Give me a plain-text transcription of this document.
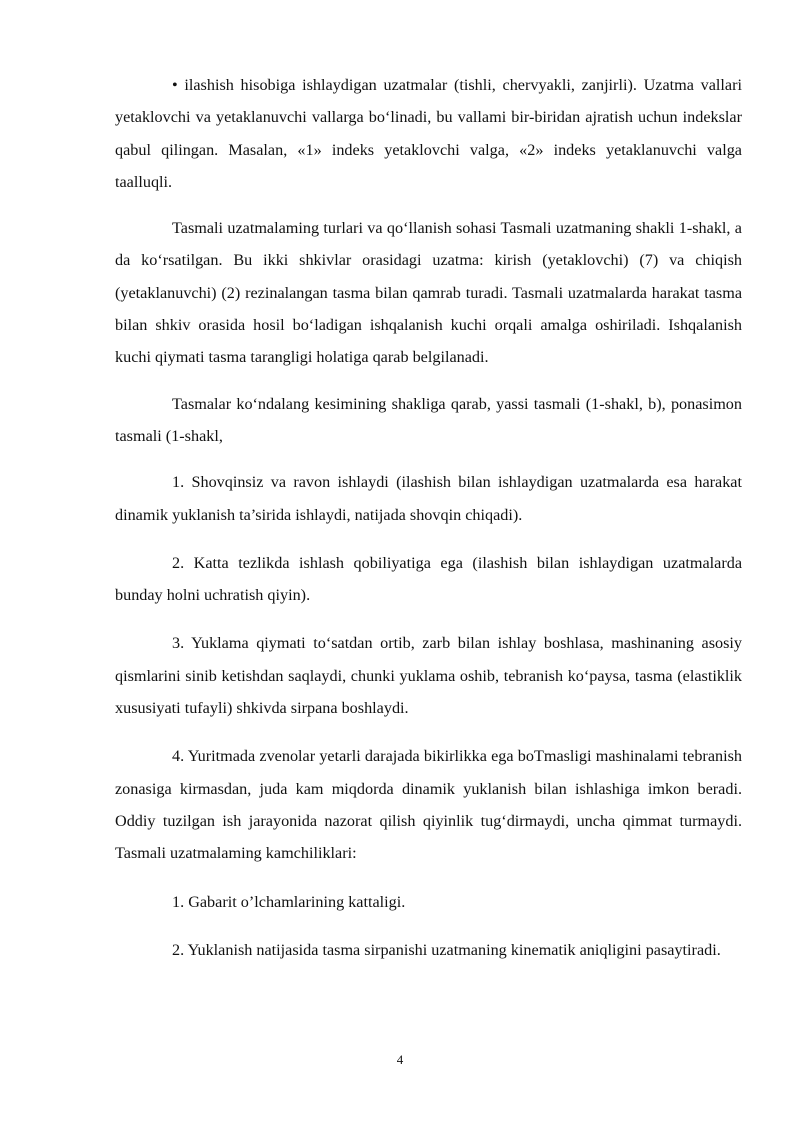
• ilashish hisobiga ishlaydigan uzatmalar (tishli, chervyakli, zanjirli). Uzatma vallari yetaklovchi va yetaklanuvchi vallarga bo‘linadi, bu vallami bir-biridan ajratish uchun indekslar qabul qilingan. Masalan, «1» indeks yetaklovchi valga, «2» indeks yetaklanuvchi valga taalluqli.

Tasmali uzatmalaming turlari va qo‘llanish sohasi Tasmali uzatmaning shakli 1-shakl, a da ko‘rsatilgan. Bu ikki shkivlar orasidagi uzatma: kirish (yetaklovchi) (7) va chiqish (yetaklanuvchi) (2) rezinalangan tasma bilan qamrab turadi. Tasmali uzatmalarda harakat tasma bilan shkiv orasida hosil bo‘ladigan ishqalanish kuchi orqali amalga oshiriladi. Ishqalanish kuchi qiymati tasma tarangligi holatiga qarab belgilanadi.

Tasmalar ko‘ndalang kesimining shakliga qarab, yassi tasmali (1-shakl, b), ponasimon tasmali (1-shakl,

1. Shovqinsiz va ravon ishlaydi (ilashish bilan ishlaydigan uzatmalarda esa harakat dinamik yuklanish ta’sirida ishlaydi, natijada shovqin chiqadi).

2. Katta tezlikda ishlash qobiliyatiga ega (ilashish bilan ishlaydigan uzatmalarda bunday holni uchratish qiyin).

3. Yuklama qiymati to‘satdan ortib, zarb bilan ishlay boshlasa, mashinaning asosiy qismlarini sinib ketishdan saqlaydi, chunki yuklama oshib, tebranish ko‘paysa, tasma (elastiklik xususiyati tufayli) shkivda sirpana boshlaydi.

4. Yuritmada zvenolar yetarli darajada bikirlikka ega boTmasligi mashinalami tebranish zonasiga kirmasdan, juda kam miqdorda dinamik yuklanish bilan ishlashiga imkon beradi. Oddiy tuzilgan ish jarayonida nazorat qilish qiyinlik tug‘dirmaydi, uncha qimmat turmaydi. Tasmali uzatmalaming kamchiliklari:

1. Gabarit o’lchamlarining kattaligi.

2. Yuklanish natijasida tasma sirpanishi uzatmaning kinematik aniqligini pasaytiradi.

4
